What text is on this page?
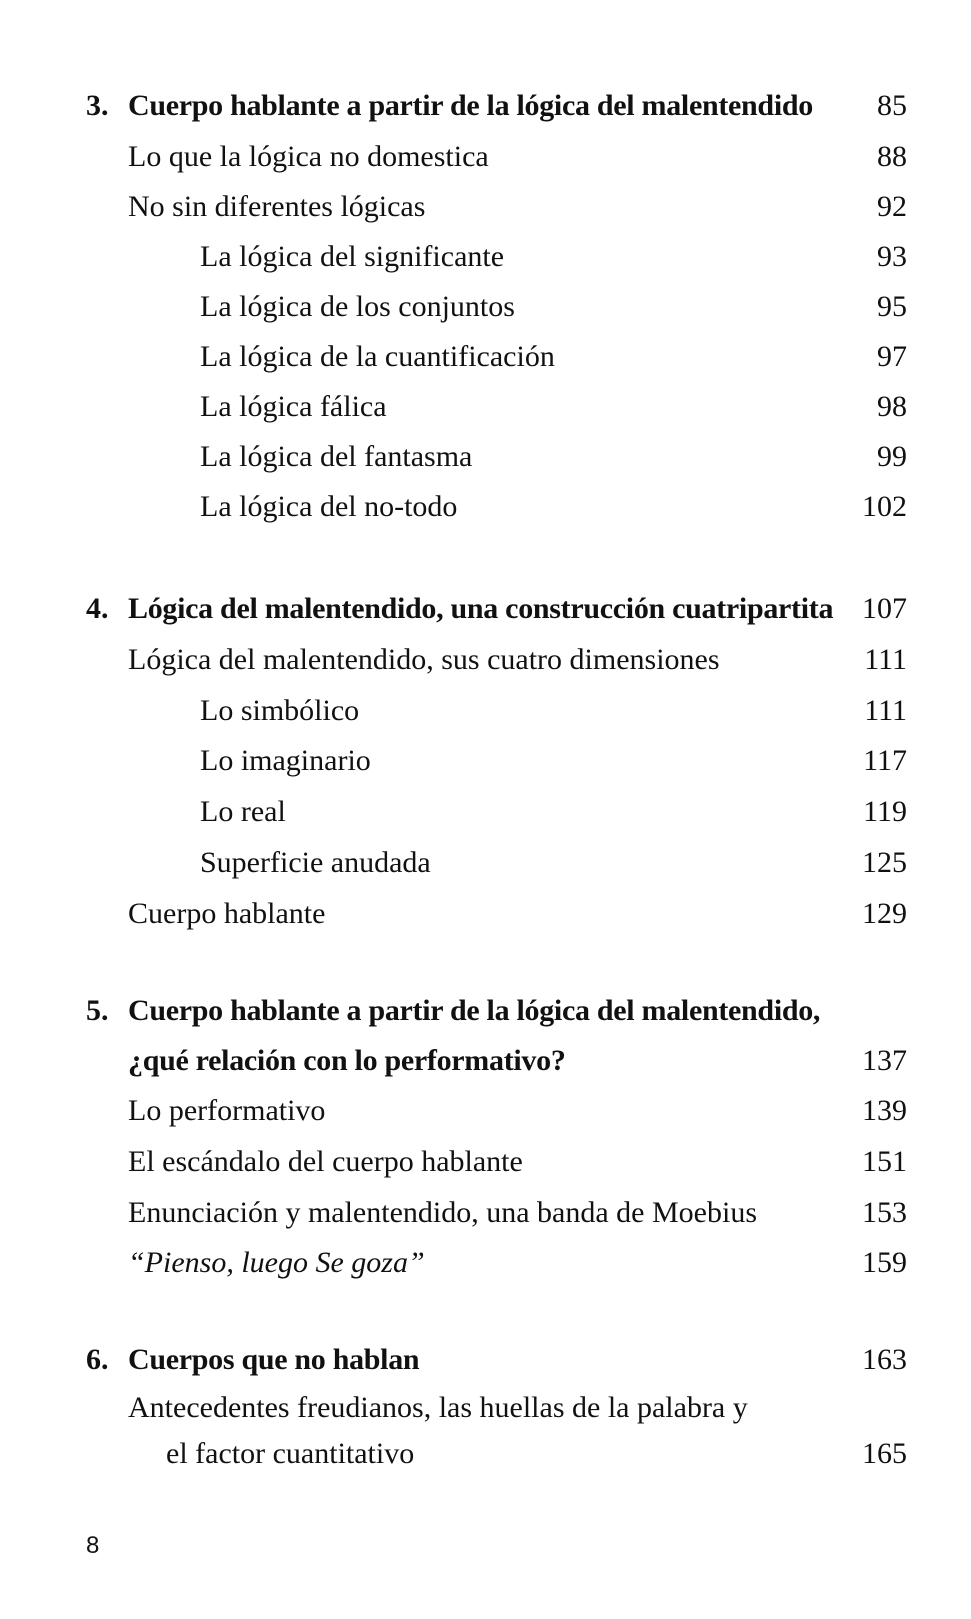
3. Cuerpo hablante a partir de la lógica del malentendido 85
Lo que la lógica no domestica	88
No sin diferentes lógicas	92
La lógica del significante	93
La lógica de los conjuntos	95
La lógica de la cuantificación	97
La lógica fálica	98
La lógica del fantasma	99
La lógica del no-todo	102
4. Lógica del malentendido, una construcción cuatripartita 107
Lógica del malentendido, sus cuatro dimensiones	111
Lo simbólico	111
Lo imaginario	117
Lo real	119
Superficie anudada	125
Cuerpo hablante	129
5. Cuerpo hablante a partir de la lógica del malentendido,
¿qué relación con lo performativo?	137
Lo performativo	139
El escándalo del cuerpo hablante	151
Enunciación y malentendido, una banda de Moebius	153
“Pienso, luego Se goza”	159
6. Cuerpos que no hablan	163
Antecedentes freudianos, las huellas de la palabra y
el factor cuantitativo	165
8
